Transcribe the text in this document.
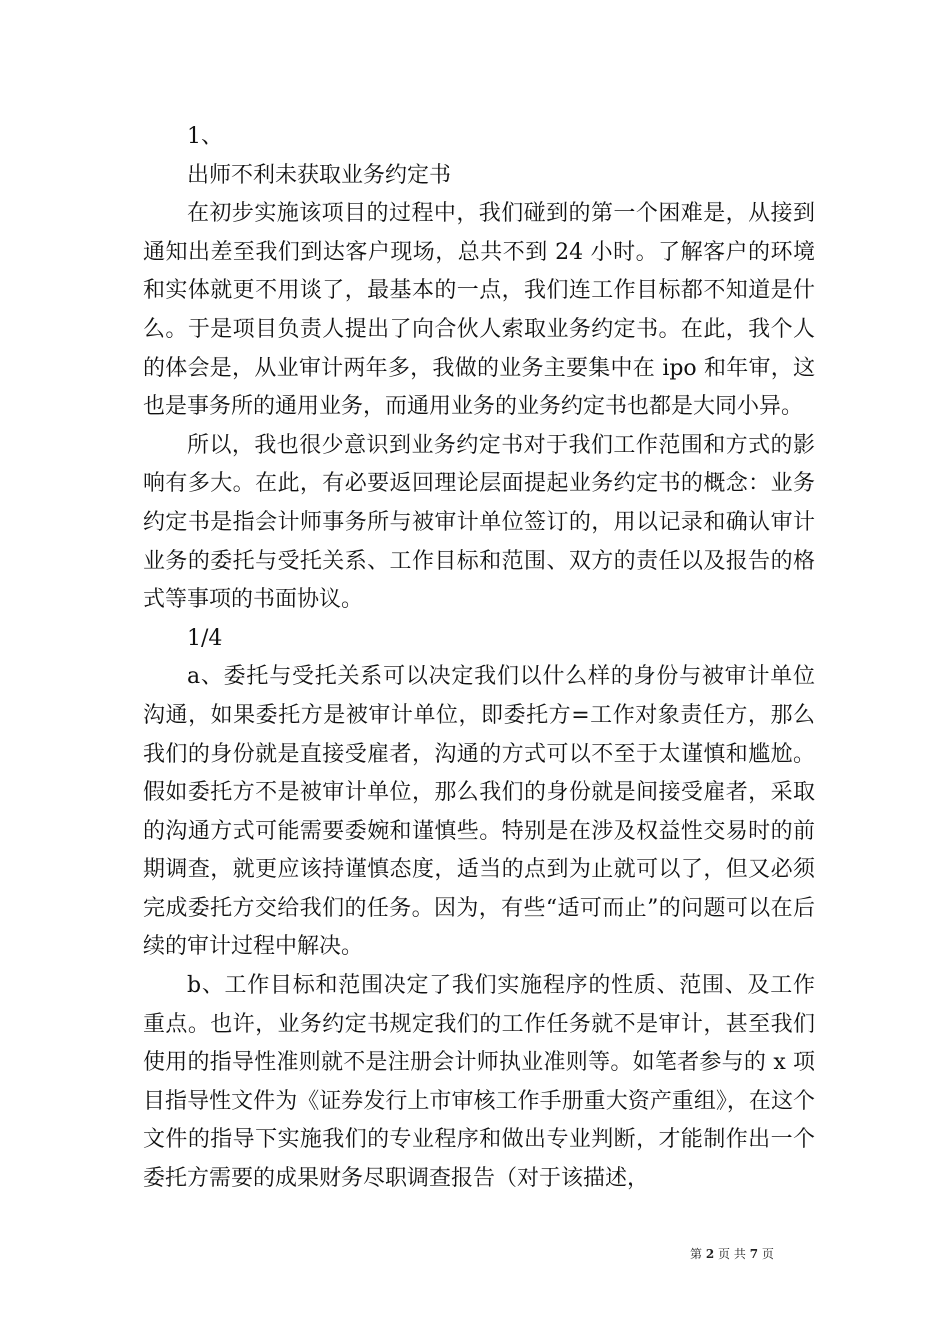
1、

出师不利未获取业务约定书

在初步实施该项目的过程中，我们碰到的第一个困难是，从接到通知出差至我们到达客户现场，总共不到 24 小时。了解客户的环境和实体就更不用谈了，最基本的一点，我们连工作目标都不知道是什么。于是项目负责人提出了向合伙人索取业务约定书。在此，我个人的体会是，从业审计两年多，我做的业务主要集中在 ipo 和年审，这也是事务所的通用业务，而通用业务的业务约定书也都是大同小异。

所以，我也很少意识到业务约定书对于我们工作范围和方式的影响有多大。在此，有必要返回理论层面提起业务约定书的概念：业务约定书是指会计师事务所与被审计单位签订的，用以记录和确认审计业务的委托与受托关系、工作目标和范围、双方的责任以及报告的格式等事项的书面协议。

1/4

a、委托与受托关系可以决定我们以什么样的身份与被审计单位沟通，如果委托方是被审计单位，即委托方=工作对象责任方，那么我们的身份就是直接受雇者，沟通的方式可以不至于太谨慎和尴尬。假如委托方不是被审计单位，那么我们的身份就是间接受雇者，采取的沟通方式可能需要委婉和谨慎些。特别是在涉及权益性交易时的前期调查，就更应该持谨慎态度，适当的点到为止就可以了，但又必须完成委托方交给我们的任务。因为，有些“适可而止”的问题可以在后续的审计过程中解决。

b、工作目标和范围决定了我们实施程序的性质、范围、及工作重点。也许，业务约定书规定我们的工作任务就不是审计，甚至我们使用的指导性准则就不是注册会计师执业准则等。如笔者参与的 x 项目指导性文件为《证券发行上市审核工作手册重大资产重组》，在这个文件的指导下实施我们的专业程序和做出专业判断，才能制作出一个委托方需要的成果财务尽职调查报告（对于该描述，

第 2 页 共 7 页
